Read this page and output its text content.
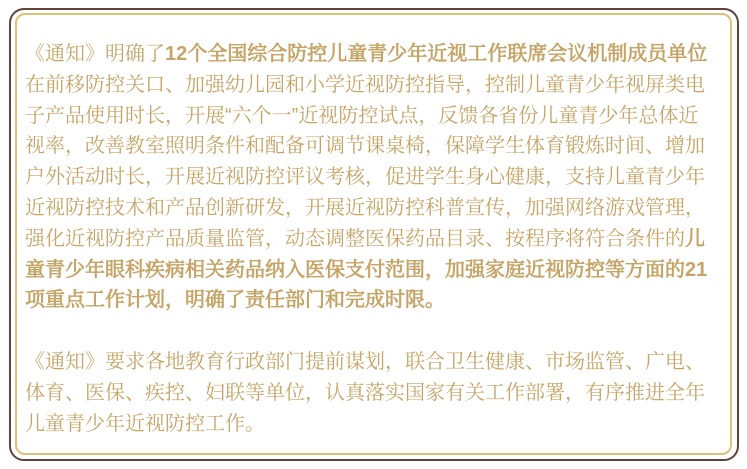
《通知》明确了12个全国综合防控儿童青少年近视工作联席会议机制成员单位在前移防控关口、加强幼儿园和小学近视防控指导，控制儿童青少年视屏类电子产品使用时长，开展“六个一”近视防控试点，反馈各省份儿童青少年总体近视率，改善教室照明条件和配备可调节课桌椅，保障学生体育锻炼时间、增加户外活动时长，开展近视防控评议考核，促进学生身心健康，支持儿童青少年近视防控技术和产品创新研发，开展近视防控科普宣传，加强网络游戏管理，强化近视防控产品质量监管，动态调整医保药品目录、按程序将符合条件的儿童青少年眼科疾病相关药品纳入医保支付范围，加强家庭近视防控等方面的21项重点工作计划，明确了责任部门和完成时限。

《通知》要求各地教育行政部门提前谋划，联合卫生健康、市场监管、广电、体育、医保、疾控、妇联等单位，认真落实国家有关工作部署，有序推进全年儿童青少年近视防控工作。
